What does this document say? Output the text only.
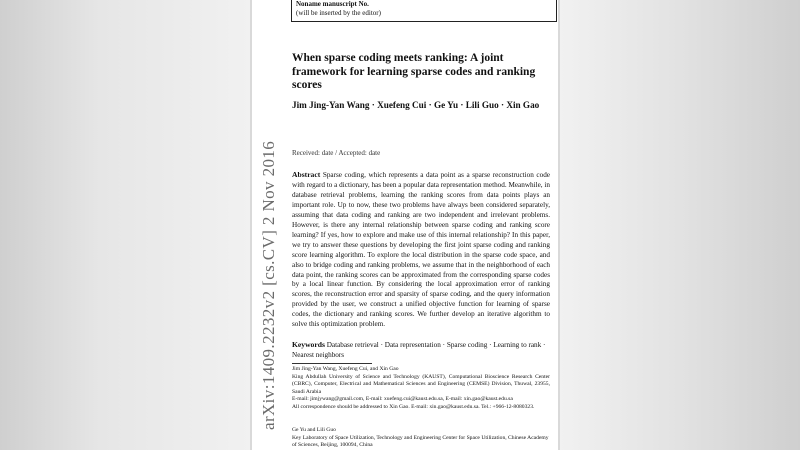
arXiv:1409.2232v2 [cs.CV] 2 Nov 2016
Noname manuscript No.
(will be inserted by the editor)
When sparse coding meets ranking: A joint framework for learning sparse codes and ranking scores
Jim Jing-Yan Wang · Xuefeng Cui · Ge Yu · Lili Guo · Xin Gao
Received: date / Accepted: date
Abstract Sparse coding, which represents a data point as a sparse reconstruction code with regard to a dictionary, has been a popular data representation method. Meanwhile, in database retrieval problems, learning the ranking scores from data points plays an important role. Up to now, these two problems have always been considered separately, assuming that data coding and ranking are two independent and irrelevant problems. However, is there any internal relationship between sparse coding and ranking score learning? If yes, how to explore and make use of this internal relationship? In this paper, we try to answer these questions by developing the first joint sparse coding and ranking score learning algorithm. To explore the local distribution in the sparse code space, and also to bridge coding and ranking problems, we assume that in the neighborhood of each data point, the ranking scores can be approximated from the corresponding sparse codes by a local linear function. By considering the local approximation error of ranking scores, the reconstruction error and sparsity of sparse coding, and the query information provided by the user, we construct a unified objective function for learning of sparse codes, the dictionary and ranking scores. We further develop an iterative algorithm to solve this optimization problem.
Keywords Database retrieval · Data representation · Sparse coding · Learning to rank · Nearest neighbors

Jim Jing-Yan Wang, Xuefeng Cui, and Xin Gao

King Abdullah University of Science and Technology (KAUST), Computational Bioscience Research Center (CBRC), Computer, Electrical and Mathematical Sciences and Engineering (CEMSE) Division, Thuwal, 23955, Saudi Arabia

E-mail: jimjywang@gmail.com, E-mail: xuefeng.cui@kaust.edu.sa, E-mail: xin.gao@kaust.edu.sa

All correspondence should be addressed to Xin Gao. E-mail: xin.gao@kaust.edu.sa. Tel.: +966-12-8080323.

Ge Yu and Lili Guo

Key Laboratory of Space Utilization, Technology and Engineering Center for Space Utilization, Chinese Academy of Sciences, Beijing, 100094, China
